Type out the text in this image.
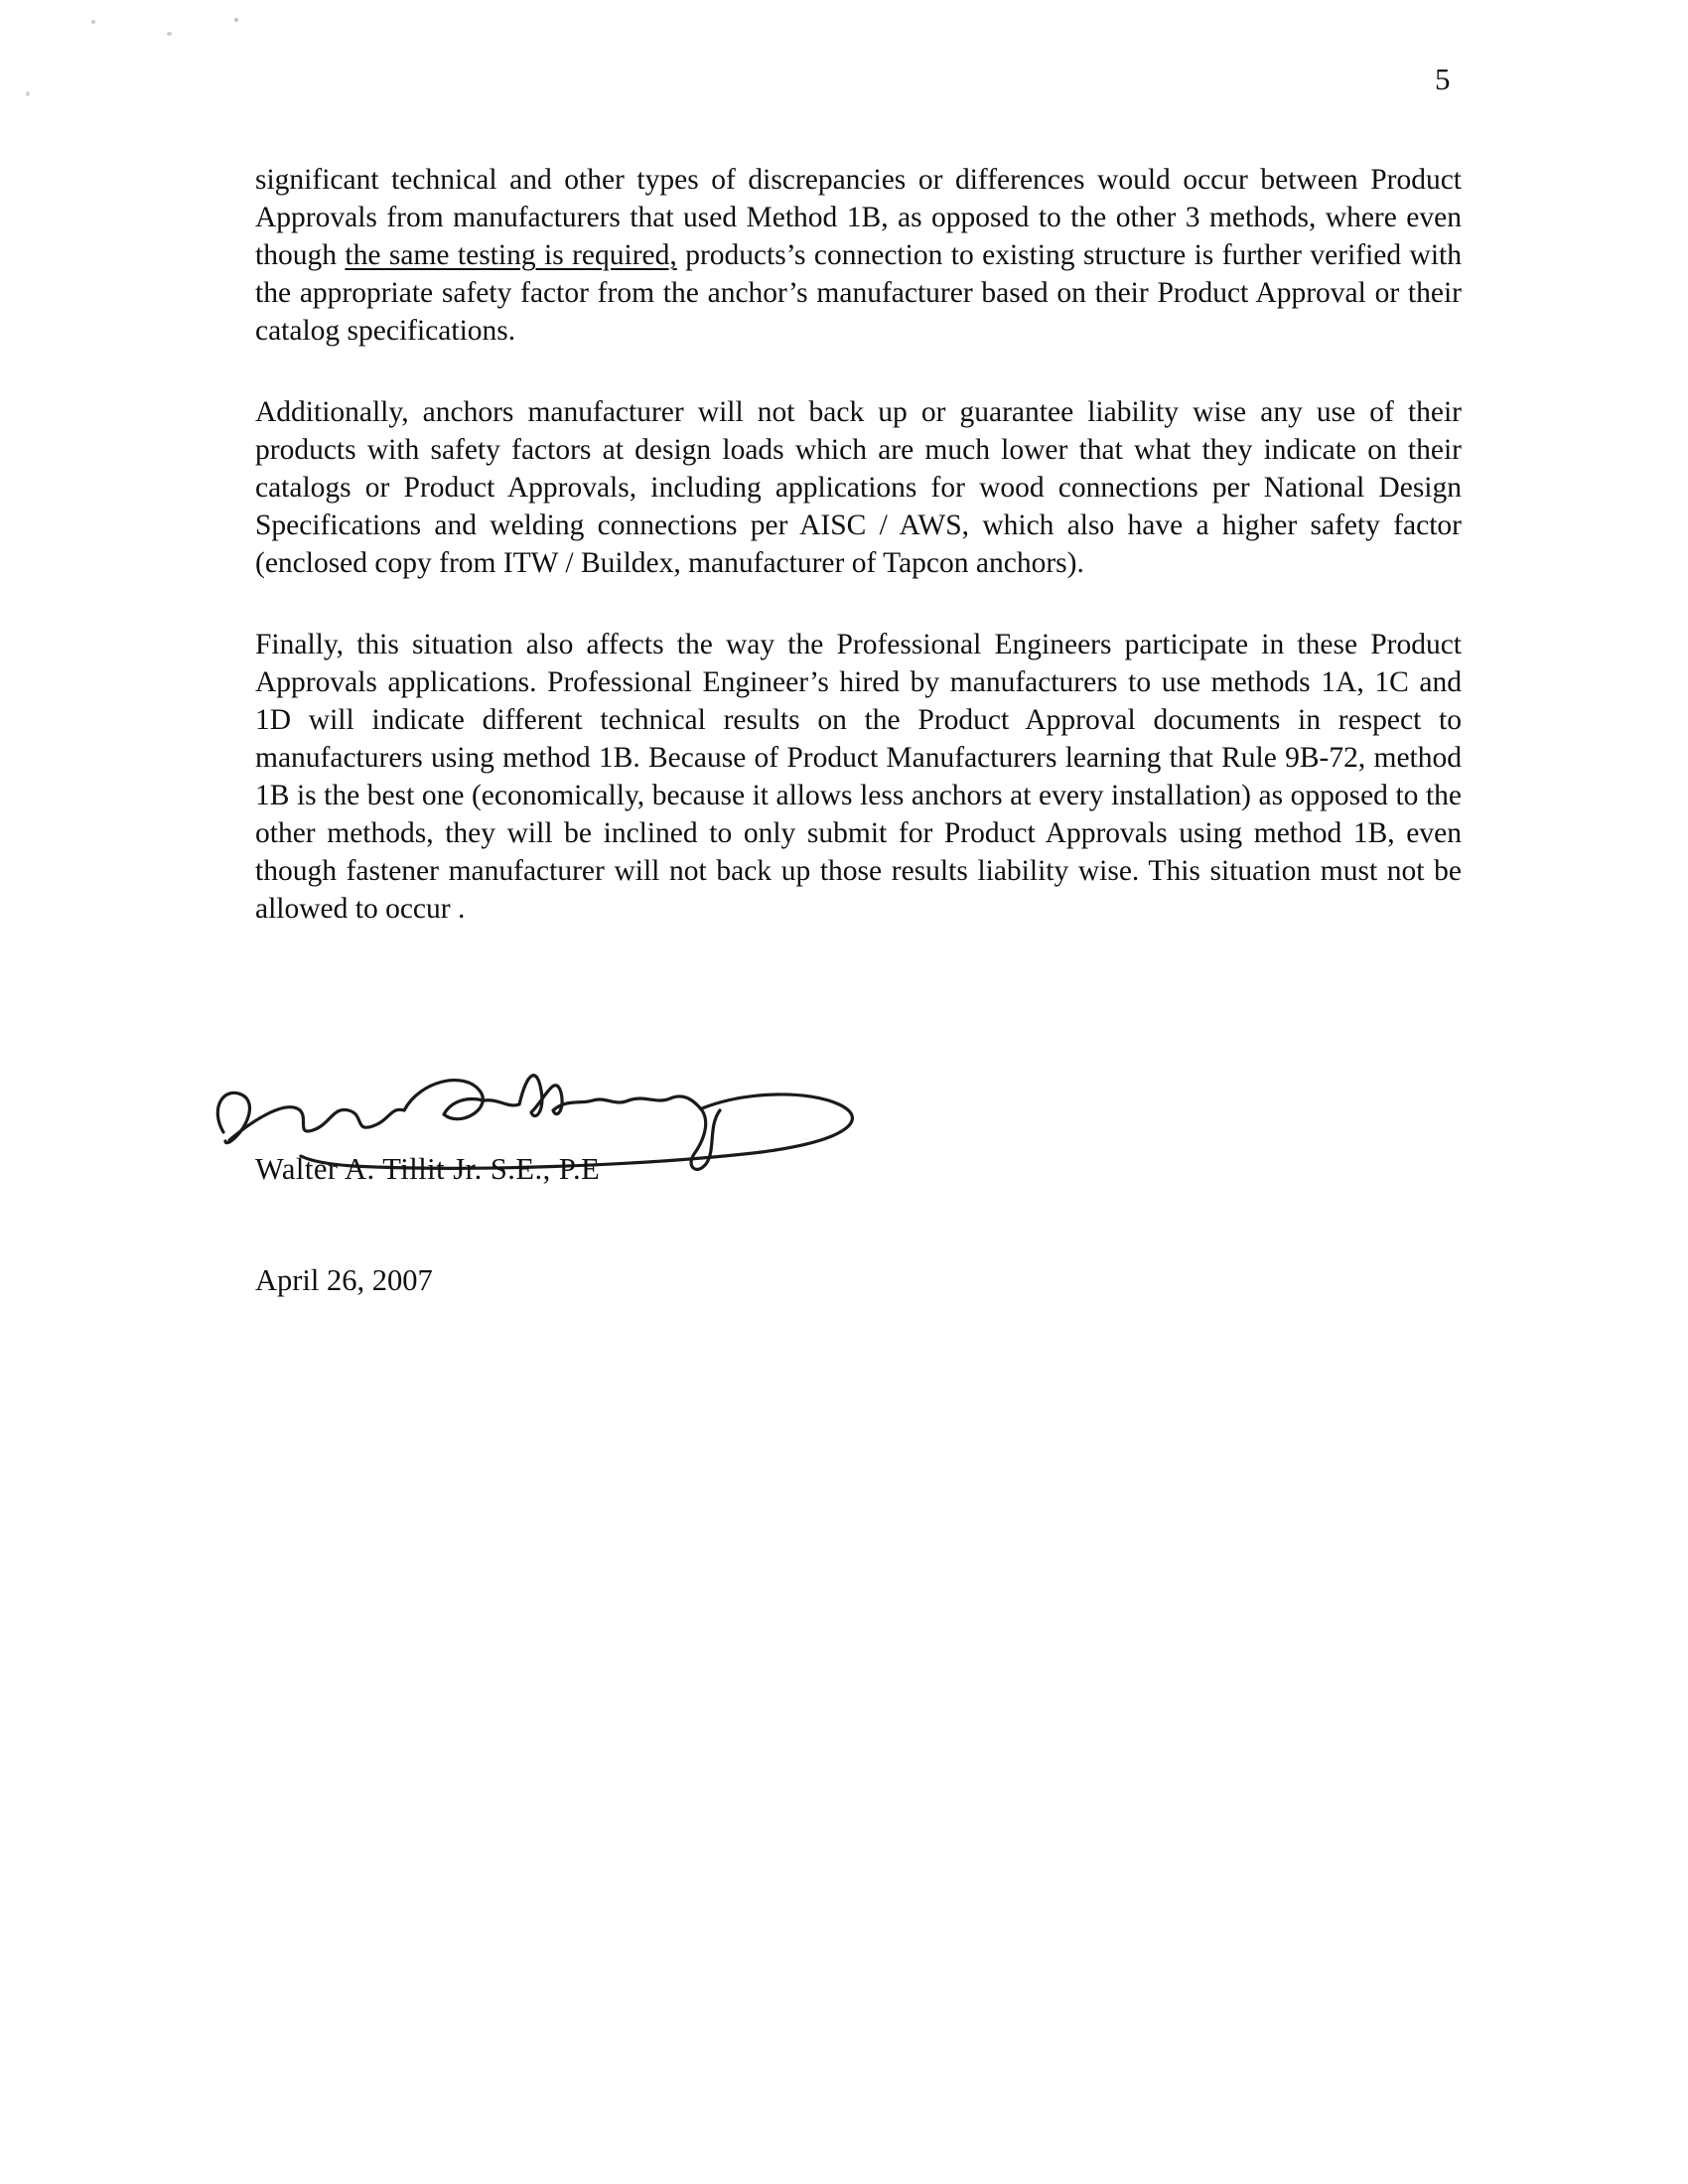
5

significant technical and other types of discrepancies or differences would occur between Product Approvals from manufacturers that used Method 1B, as opposed to the other 3 methods, where even though the same testing is required, products’s connection to existing structure is further verified with the appropriate safety factor from the anchor’s manufacturer based on their Product Approval or their catalog specifications.

Additionally, anchors manufacturer will not back up or guarantee liability wise any use of their products with safety factors at design loads which are much lower that what they indicate on their catalogs or Product Approvals, including applications for wood connections per National Design Specifications and welding connections per AISC / AWS, which also have a higher safety factor (enclosed copy from ITW / Buildex, manufacturer of Tapcon anchors).

Finally, this situation also affects the way the Professional Engineers participate in these Product Approvals applications. Professional Engineer’s hired by manufacturers to use methods 1A, 1C and 1D will indicate different technical results on the Product Approval documents in respect to manufacturers using method 1B. Because of Product Manufacturers learning that Rule 9B-72, method 1B is the best one (economically, because it allows less anchors at every installation) as opposed to the other methods, they will be inclined to only submit for Product Approvals using method 1B, even though fastener manufacturer will not back up those results liability wise. This situation must not be allowed to occur .

Walter A. Tillit Jr. S.E., P.E
April 26, 2007
